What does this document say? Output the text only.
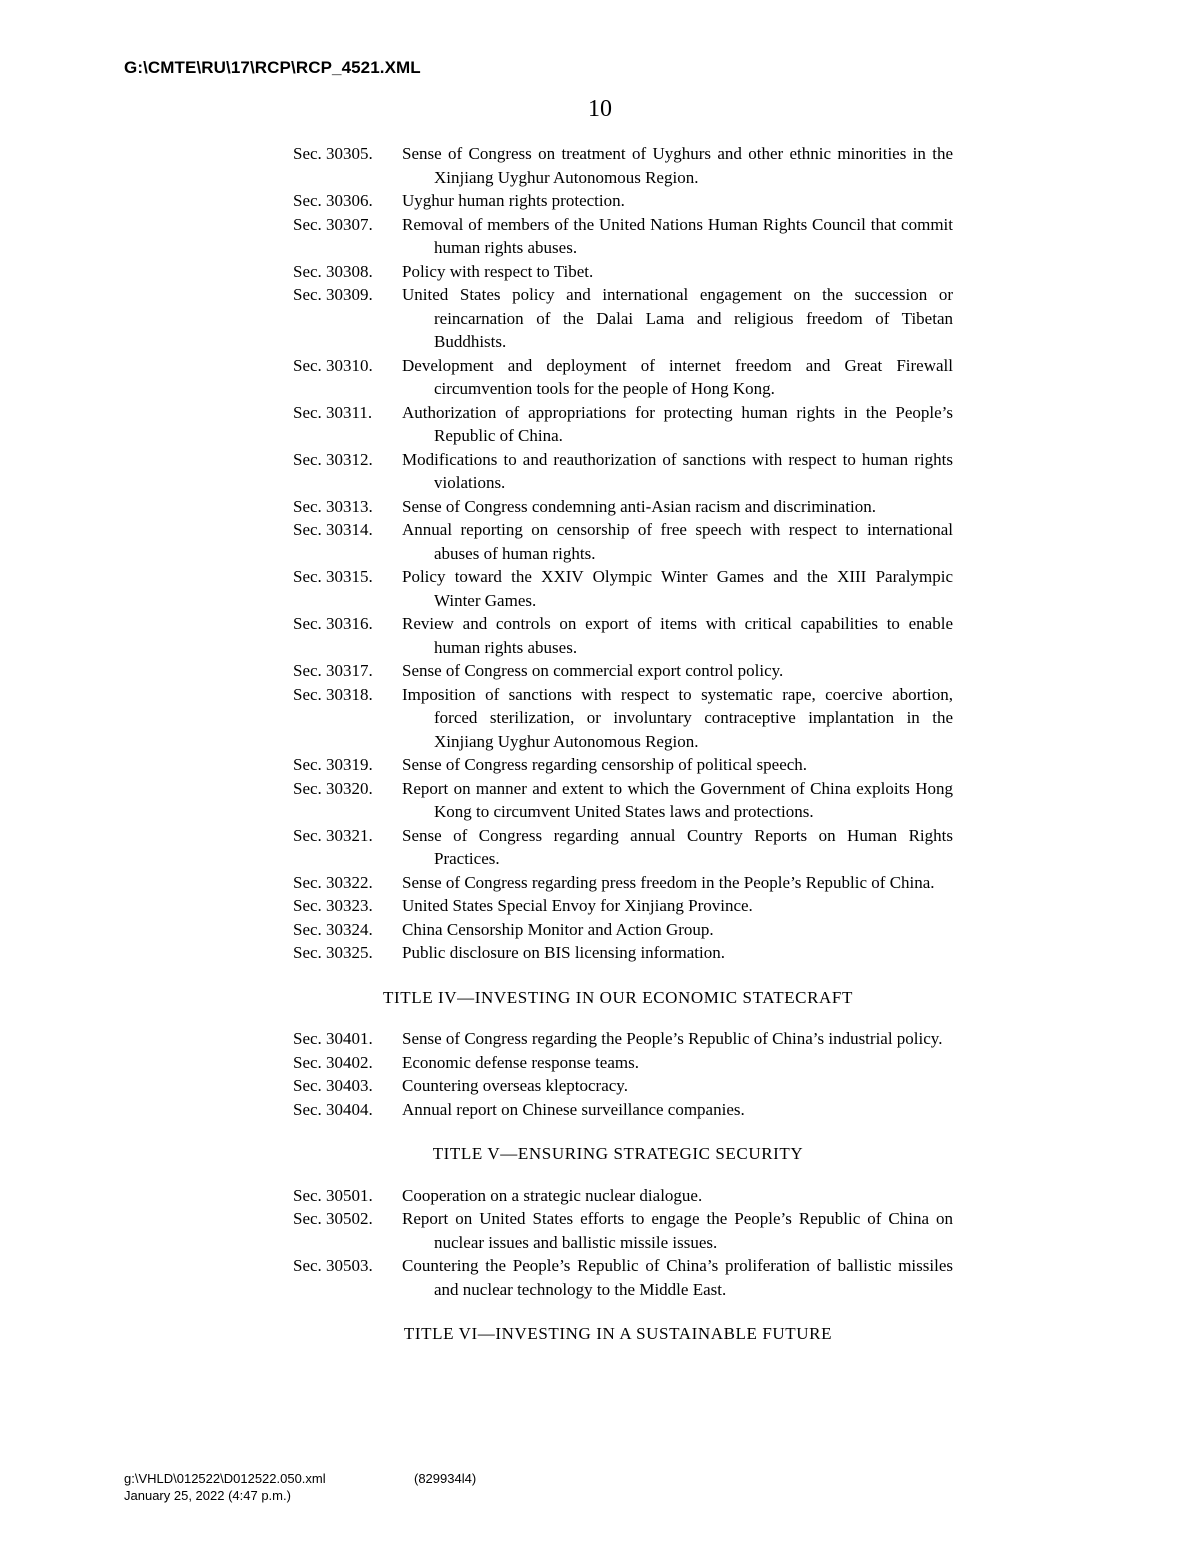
G:\CMTE\RU\17\RCP\RCP_4521.XML
10
Sec. 30305.	Sense of Congress on treatment of Uyghurs and other ethnic minorities in the Xinjiang Uyghur Autonomous Region.
Sec. 30306.	Uyghur human rights protection.
Sec. 30307.	Removal of members of the United Nations Human Rights Council that commit human rights abuses.
Sec. 30308.	Policy with respect to Tibet.
Sec. 30309.	United States policy and international engagement on the succession or reincarnation of the Dalai Lama and religious freedom of Tibetan Buddhists.
Sec. 30310.	Development and deployment of internet freedom and Great Firewall circumvention tools for the people of Hong Kong.
Sec. 30311.	Authorization of appropriations for protecting human rights in the People’s Republic of China.
Sec. 30312.	Modifications to and reauthorization of sanctions with respect to human rights violations.
Sec. 30313.	Sense of Congress condemning anti-Asian racism and discrimination.
Sec. 30314.	Annual reporting on censorship of free speech with respect to international abuses of human rights.
Sec. 30315.	Policy toward the XXIV Olympic Winter Games and the XIII Paralympic Winter Games.
Sec. 30316.	Review and controls on export of items with critical capabilities to enable human rights abuses.
Sec. 30317.	Sense of Congress on commercial export control policy.
Sec. 30318.	Imposition of sanctions with respect to systematic rape, coercive abortion, forced sterilization, or involuntary contraceptive implantation in the Xinjiang Uyghur Autonomous Region.
Sec. 30319.	Sense of Congress regarding censorship of political speech.
Sec. 30320.	Report on manner and extent to which the Government of China exploits Hong Kong to circumvent United States laws and protections.
Sec. 30321.	Sense of Congress regarding annual Country Reports on Human Rights Practices.
Sec. 30322.	Sense of Congress regarding press freedom in the People’s Republic of China.
Sec. 30323.	United States Special Envoy for Xinjiang Province.
Sec. 30324.	China Censorship Monitor and Action Group.
Sec. 30325.	Public disclosure on BIS licensing information.
TITLE IV—INVESTING IN OUR ECONOMIC STATECRAFT
Sec. 30401.	Sense of Congress regarding the People’s Republic of China’s industrial policy.
Sec. 30402.	Economic defense response teams.
Sec. 30403.	Countering overseas kleptocracy.
Sec. 30404.	Annual report on Chinese surveillance companies.
TITLE V—ENSURING STRATEGIC SECURITY
Sec. 30501.	Cooperation on a strategic nuclear dialogue.
Sec. 30502.	Report on United States efforts to engage the People’s Republic of China on nuclear issues and ballistic missile issues.
Sec. 30503.	Countering the People’s Republic of China’s proliferation of ballistic missiles and nuclear technology to the Middle East.
TITLE VI—INVESTING IN A SUSTAINABLE FUTURE
g:\VHLD\012522\D012522.050.xml	(829934l4)
January 25, 2022 (4:47 p.m.)
